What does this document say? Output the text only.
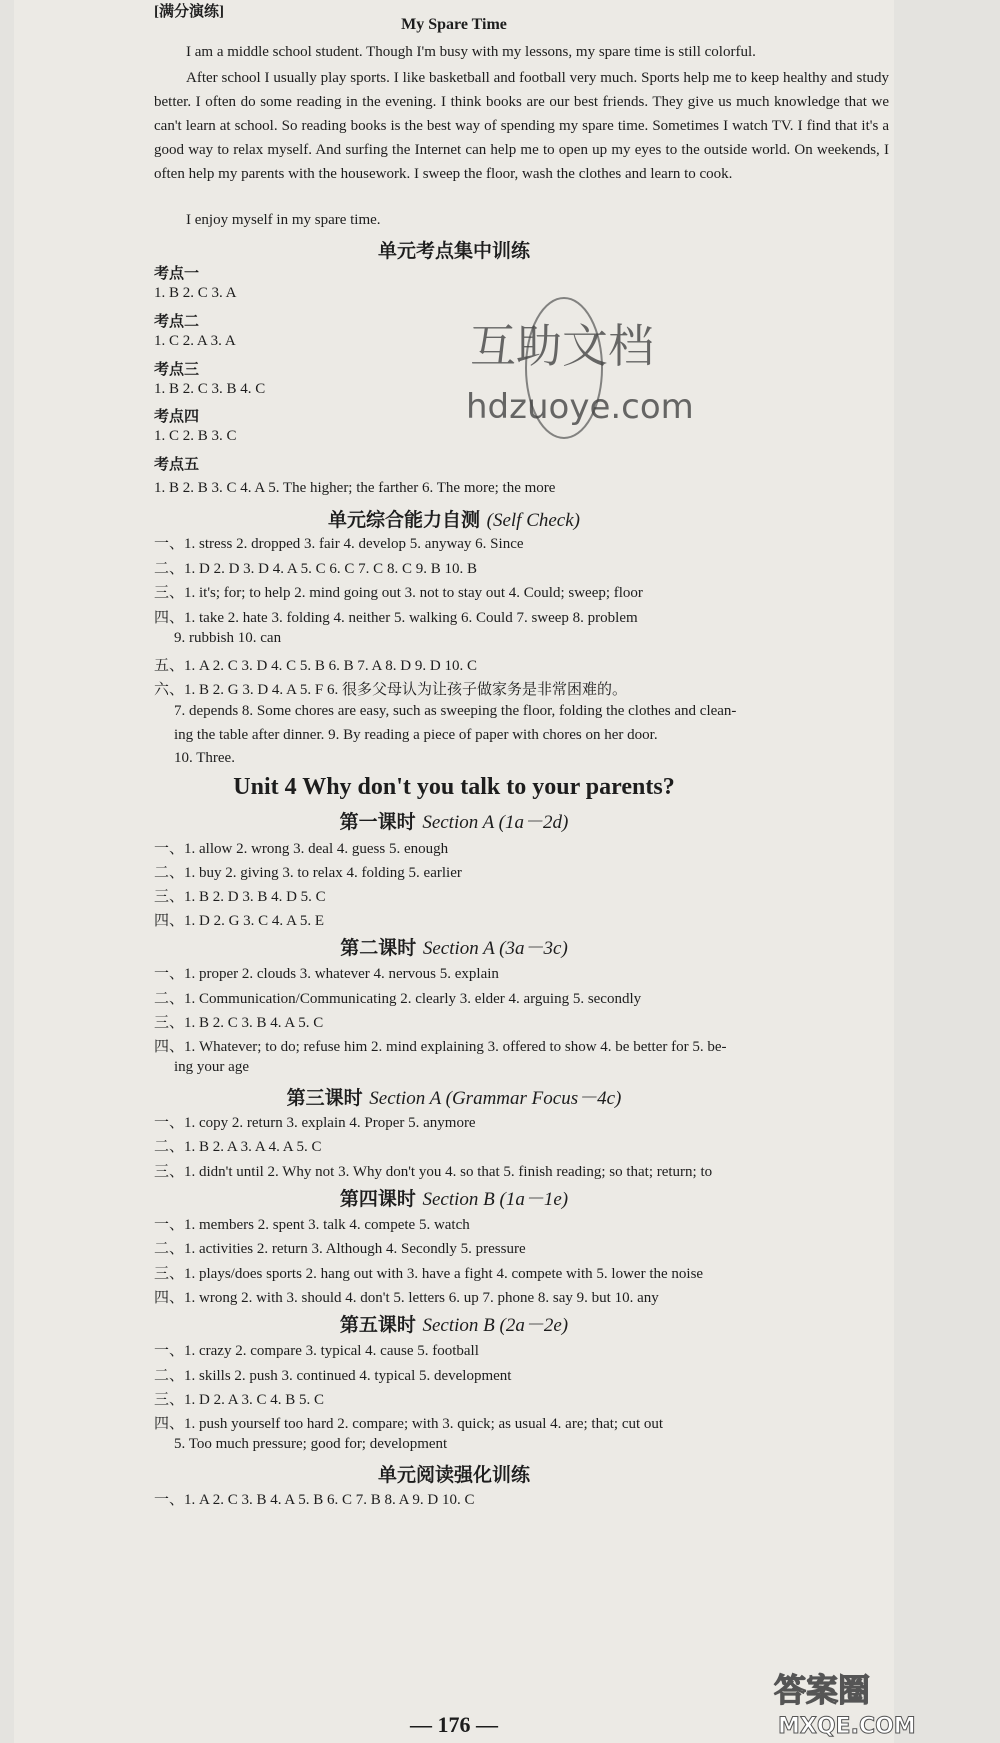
[满分演练]
My Spare Time
I am a middle school student. Though I'm busy with my lessons, my spare time is still colorful.
After school I usually play sports. I like basketball and football very much. Sports help me to keep healthy and study better. I often do some reading in the evening. I think books are our best friends. They give us much knowledge that we can't learn at school. So reading books is the best way of spending my spare time. Sometimes I watch TV. I find that it's a good way to relax myself. And surfing the Internet can help me to open up my eyes to the outside world. On weekends, I often help my parents with the housework. I sweep the floor, wash the clothes and learn to cook.
I enjoy myself in my spare time.
单元考点集中训练
考点一
1. B 2. C 3. A
考点二
1. C 2. A 3. A
考点三
1. B 2. C 3. B 4. C
考点四
1. C 2. B 3. C
考点五
1. B 2. B 3. C 4. A 5. The higher; the farther 6. The more; the more
单元综合能力自测 (Self Check)
一、1. stress 2. dropped 3. fair 4. develop 5. anyway 6. Since
二、1. D 2. D 3. D 4. A 5. C 6. C 7. C 8. C 9. B 10. B
三、1. it's; for; to help 2. mind going out 3. not to stay out 4. Could; sweep; floor
四、1. take 2. hate 3. folding 4. neither 5. walking 6. Could 7. sweep 8. problem
9. rubbish 10. can
五、1. A 2. C 3. D 4. C 5. B 6. B 7. A 8. D 9. D 10. C
六、1. B 2. G 3. D 4. A 5. F 6. 很多父母认为让孩子做家务是非常困难的。
7. depends 8. Some chores are easy, such as sweeping the floor, folding the clothes and clean-
ing the table after dinner. 9. By reading a piece of paper with chores on her door.
10. Three.
Unit 4 Why don't you talk to your parents?
第一课时 Section A (1a－2d)
一、1. allow 2. wrong 3. deal 4. guess 5. enough
二、1. buy 2. giving 3. to relax 4. folding 5. earlier
三、1. B 2. D 3. B 4. D 5. C
四、1. D 2. G 3. C 4. A 5. E
第二课时 Section A (3a－3c)
一、1. proper 2. clouds 3. whatever 4. nervous 5. explain
二、1. Communication/Communicating 2. clearly 3. elder 4. arguing 5. secondly
三、1. B 2. C 3. B 4. A 5. C
四、1. Whatever; to do; refuse him 2. mind explaining 3. offered to show 4. be better for 5. be-
ing your age
第三课时 Section A (Grammar Focus－4c)
一、1. copy 2. return 3. explain 4. Proper 5. anymore
二、1. B 2. A 3. A 4. A 5. C
三、1. didn't until 2. Why not 3. Why don't you 4. so that 5. finish reading; so that; return; to
第四课时 Section B (1a－1e)
一、1. members 2. spent 3. talk 4. compete 5. watch
二、1. activities 2. return 3. Although 4. Secondly 5. pressure
三、1. plays/does sports 2. hang out with 3. have a fight 4. compete with 5. lower the noise
四、1. wrong 2. with 3. should 4. don't 5. letters 6. up 7. phone 8. say 9. but 10. any
第五课时 Section B (2a－2e)
一、1. crazy 2. compare 3. typical 4. cause 5. football
二、1. skills 2. push 3. continued 4. typical 5. development
三、1. D 2. A 3. C 4. B 5. C
四、1. push yourself too hard 2. compare; with 3. quick; as usual 4. are; that; cut out
5. Too much pressure; good for; development
单元阅读强化训练
一、1. A 2. C 3. B 4. A 5. B 6. C 7. B 8. A 9. D 10. C
— 176 —
互助文档
hdzuoye.com
答案圈
MXQE.COM
